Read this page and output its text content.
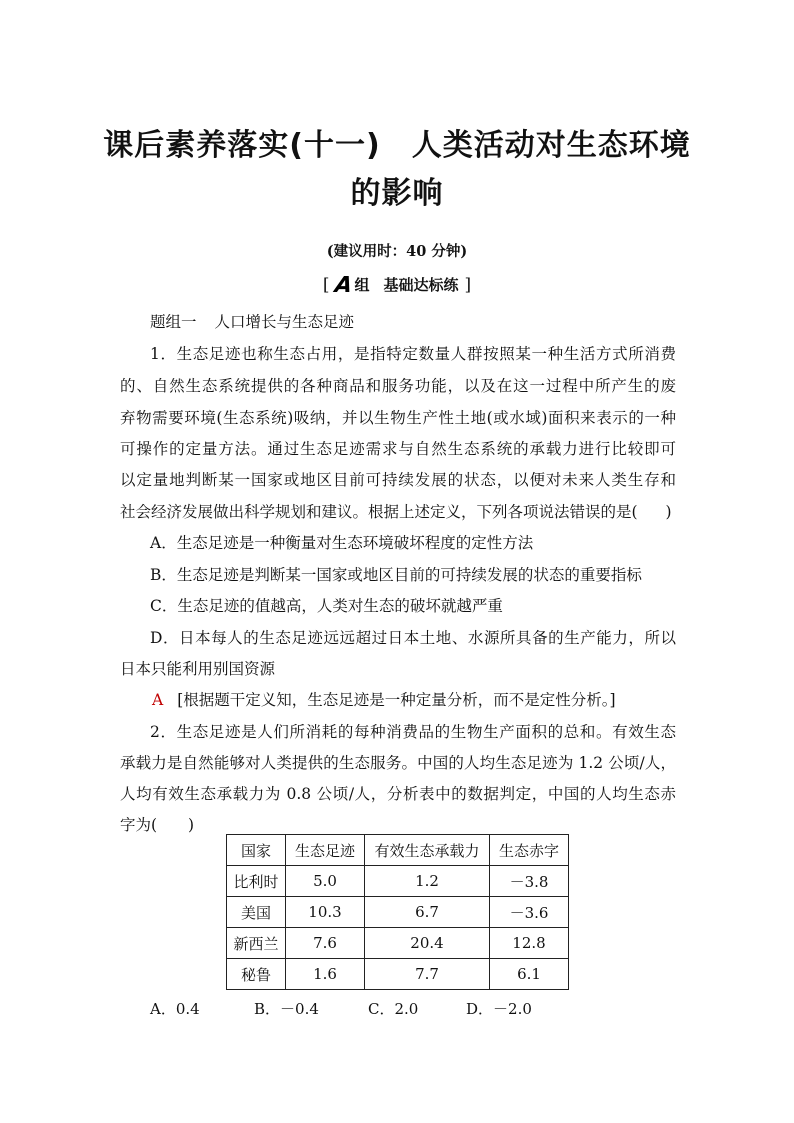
课后素养落实(十一)　人类活动对生态环境
的影响
(建议用时：40 分钟)
[ A组 基础达标练 ]
题组一 人口增长与生态足迹
1．生态足迹也称生态占用，是指特定数量人群按照某一种生活方式所消费
的、自然生态系统提供的各种商品和服务功能，以及在这一过程中所产生的废
弃物需要环境(生态系统)吸纳，并以生物生产性土地(或水域)面积来表示的一种
可操作的定量方法。通过生态足迹需求与自然生态系统的承载力进行比较即可
以定量地判断某一国家或地区目前可持续发展的状态，以便对未来人类生存和
社会经济发展做出科学规划和建议。根据上述定义，下列各项说法错误的是( )
A．生态足迹是一种衡量对生态环境破坏程度的定性方法
B．生态足迹是判断某一国家或地区目前的可持续发展的状态的重要指标
C．生态足迹的值越高，人类对生态的破坏就越严重
D．日本每人的生态足迹远远超过日本土地、水源所具备的生产能力，所以
日本只能利用别国资源
A [根据题干定义知，生态足迹是一种定量分析，而不是定性分析。]
2．生态足迹是人们所消耗的每种消费品的生物生产面积的总和。有效生态
承载力是自然能够对人类提供的生态服务。中国的人均生态足迹为 1.2 公顷/人，
人均有效生态承载力为 0.8 公顷/人，分析表中的数据判定，中国的人均生态赤
字为(　　)
国家	生态足迹	有效生态承载力	生态赤字
比利时	5.0	1.2	－3.8
美国	10.3	6.7	－3.6
新西兰	7.6	20.4	12.8
秘鲁	1.6	7.7	6.1
A．0.4	B．－0.4	C．2.0	D．－2.0
